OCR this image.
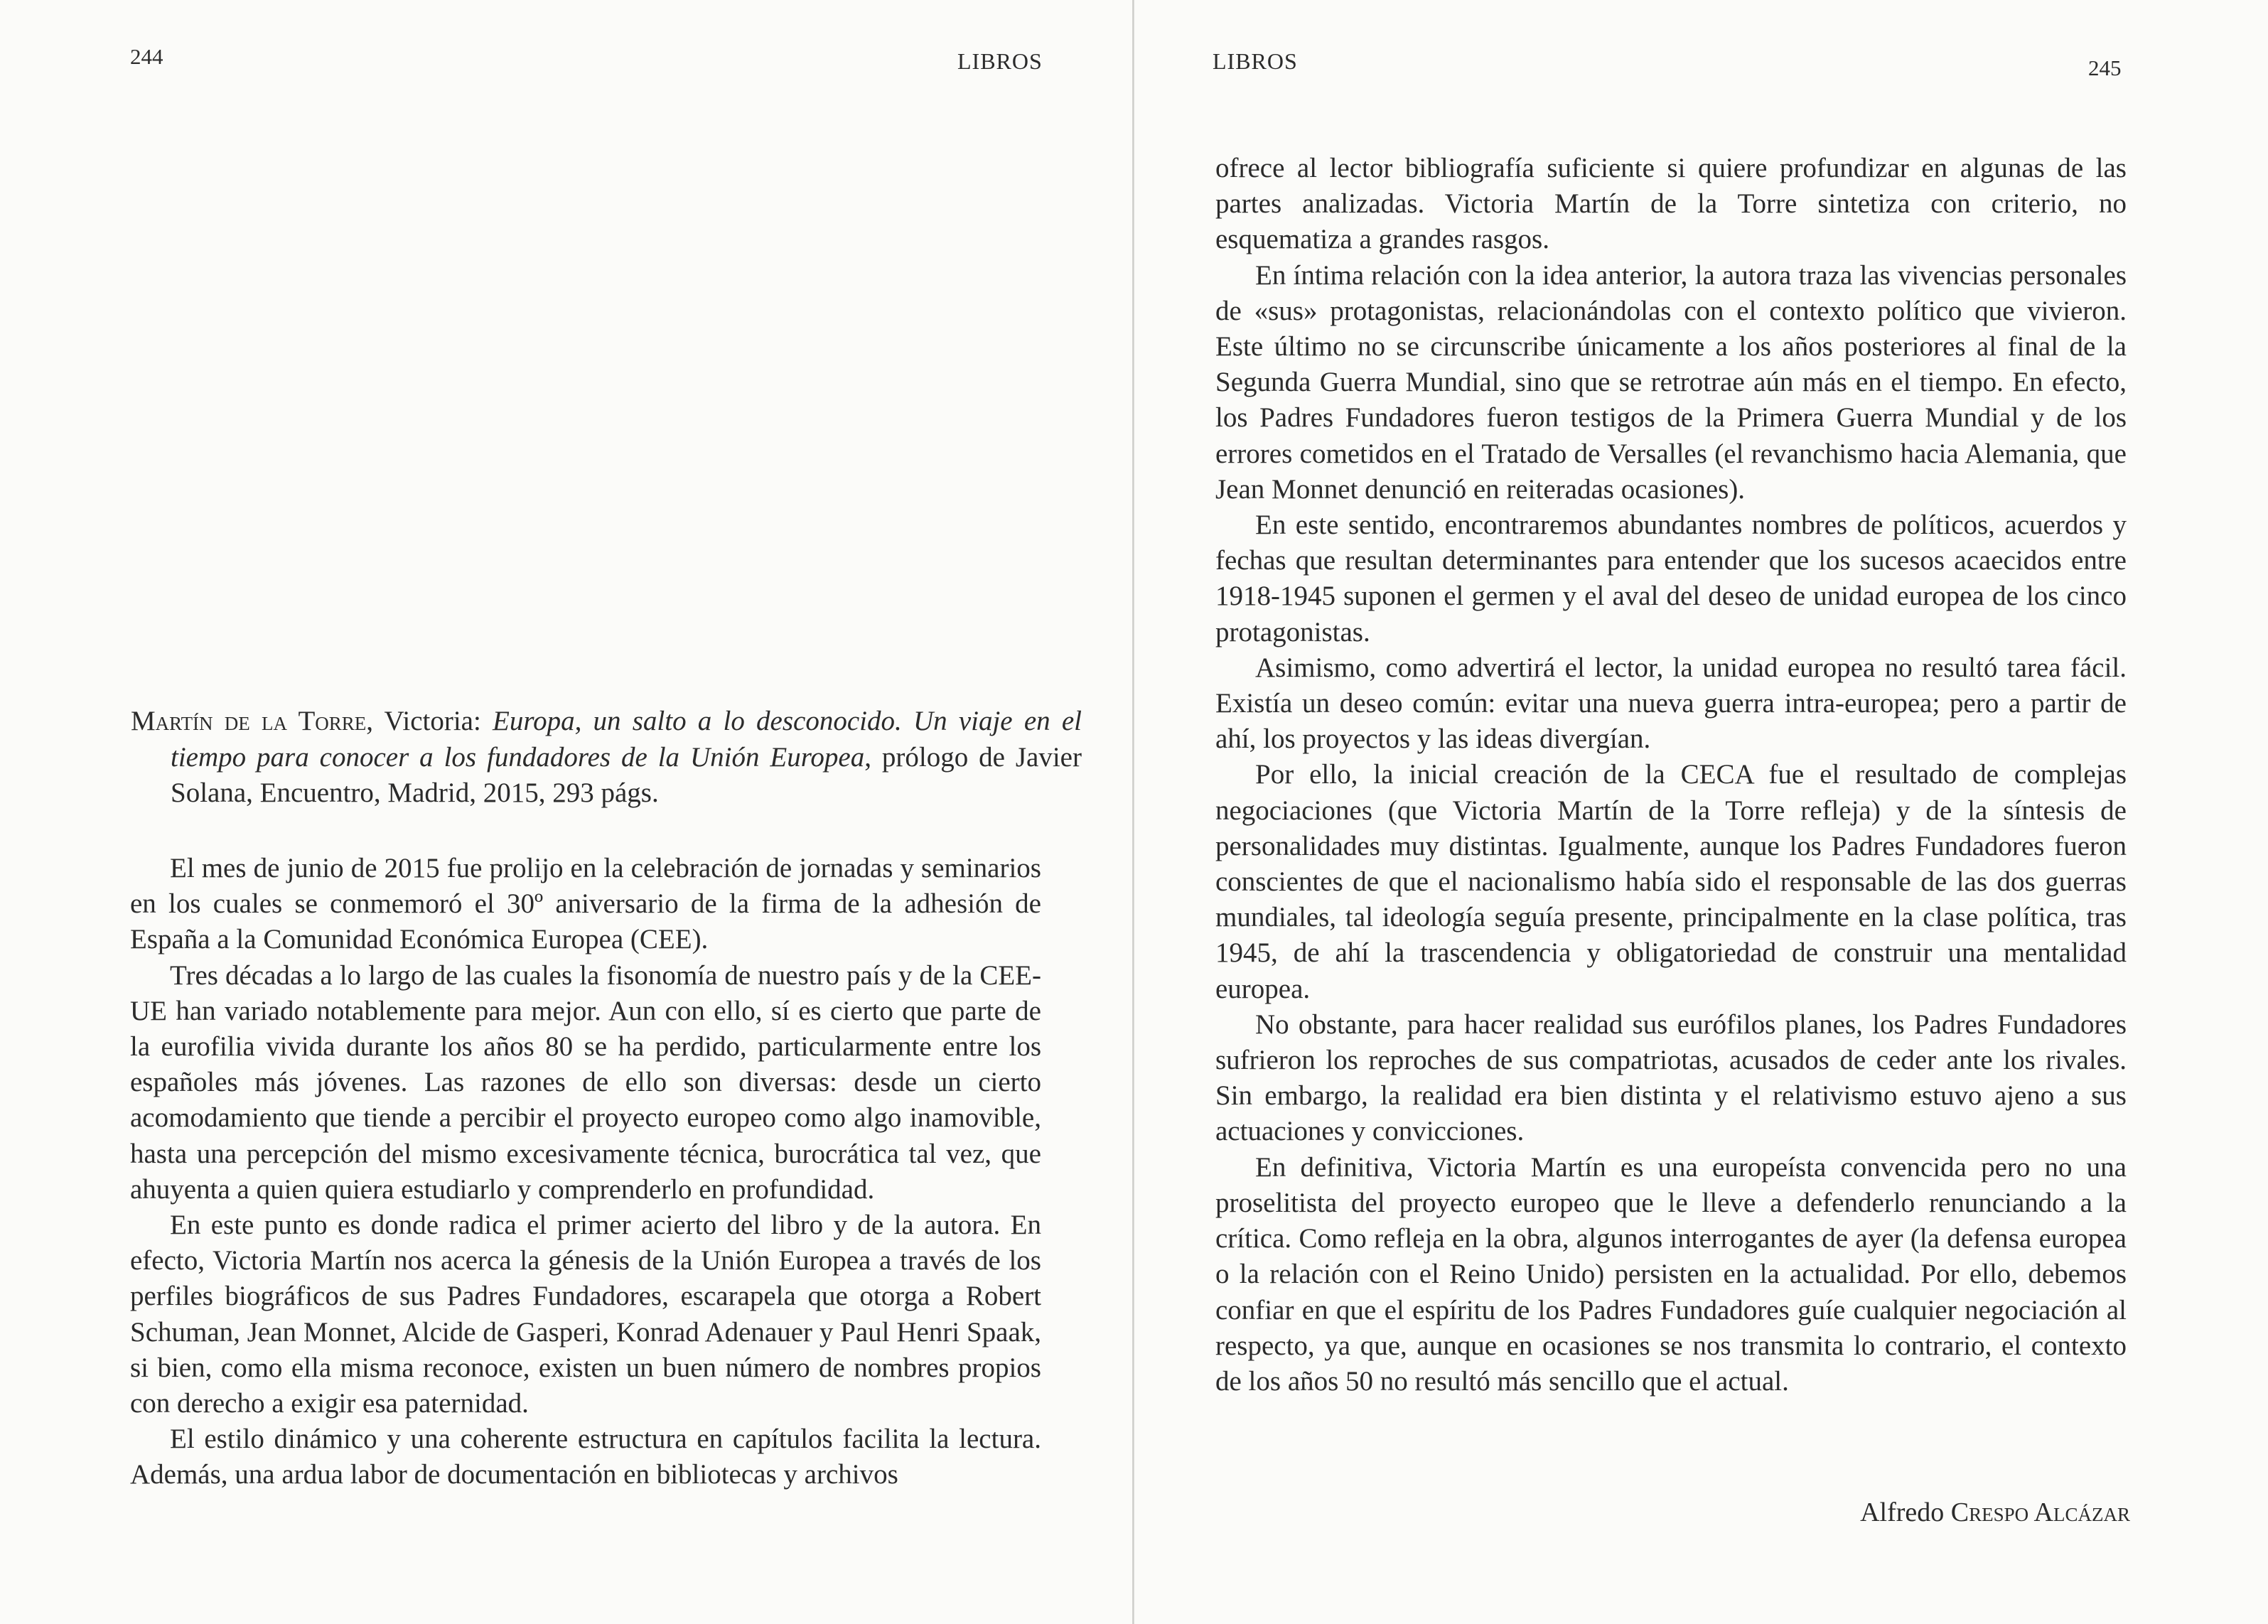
244	LIBROS
Martín de la Torre, Victoria: Europa, un salto a lo desconocido. Un viaje en el tiempo para conocer a los fundadores de la Unión Europea, prólogo de Javier Solana, Encuentro, Madrid, 2015, 293 págs.

El mes de junio de 2015 fue prolijo en la celebración de jornadas y seminarios en los cuales se conmemoró el 30º aniversario de la firma de la adhesión de España a la Comunidad Económica Europea (CEE).

Tres décadas a lo largo de las cuales la fisonomía de nuestro país y de la CEE-UE han variado notablemente para mejor. Aun con ello, sí es cierto que parte de la eurofilia vivida durante los años 80 se ha perdido, particularmente entre los españoles más jóvenes. Las razones de ello son diversas: desde un cierto acomodamiento que tiende a percibir el proyecto europeo como algo inamovible, hasta una percepción del mismo excesivamente técnica, burocrática tal vez, que ahuyenta a quien quiera estudiarlo y comprenderlo en profundidad.

En este punto es donde radica el primer acierto del libro y de la autora. En efecto, Victoria Martín nos acerca la génesis de la Unión Europea a través de los perfiles biográficos de sus Padres Fundadores, escarapela que otorga a Robert Schuman, Jean Monnet, Alcide de Gasperi, Konrad Adenauer y Paul Henri Spaak, si bien, como ella misma reconoce, existen un buen número de nombres propios con derecho a exigir esa paternidad.

El estilo dinámico y una coherente estructura en capítulos facilita la lectura. Además, una ardua labor de documentación en bibliotecas y archivos

LIBROS	245

ofrece al lector bibliografía suficiente si quiere profundizar en algunas de las partes analizadas. Victoria Martín de la Torre sintetiza con criterio, no esquematiza a grandes rasgos.

En íntima relación con la idea anterior, la autora traza las vivencias personales de «sus» protagonistas, relacionándolas con el contexto político que vivieron. Este último no se circunscribe únicamente a los años posteriores al final de la Segunda Guerra Mundial, sino que se retrotrae aún más en el tiempo. En efecto, los Padres Fundadores fueron testigos de la Primera Guerra Mundial y de los errores cometidos en el Tratado de Versalles (el revanchismo hacia Alemania, que Jean Monnet denunció en reiteradas ocasiones).

En este sentido, encontraremos abundantes nombres de políticos, acuerdos y fechas que resultan determinantes para entender que los sucesos acaecidos entre 1918-1945 suponen el germen y el aval del deseo de unidad europea de los cinco protagonistas.

Asimismo, como advertirá el lector, la unidad europea no resultó tarea fácil. Existía un deseo común: evitar una nueva guerra intra-europea; pero a partir de ahí, los proyectos y las ideas divergían.

Por ello, la inicial creación de la CECA fue el resultado de complejas negociaciones (que Victoria Martín de la Torre refleja) y de la síntesis de personalidades muy distintas. Igualmente, aunque los Padres Fundadores fueron conscientes de que el nacionalismo había sido el responsable de las dos guerras mundiales, tal ideología seguía presente, principalmente en la clase política, tras 1945, de ahí la trascendencia y obligatoriedad de construir una mentalidad europea.

No obstante, para hacer realidad sus eurófilos planes, los Padres Fundadores sufrieron los reproches de sus compatriotas, acusados de ceder ante los rivales. Sin embargo, la realidad era bien distinta y el relativismo estuvo ajeno a sus actuaciones y convicciones.

En definitiva, Victoria Martín es una europeísta convencida pero no una proselitista del proyecto europeo que le lleve a defenderlo renunciando a la crítica. Como refleja en la obra, algunos interrogantes de ayer (la defensa europea o la relación con el Reino Unido) persisten en la actualidad. Por ello, debemos confiar en que el espíritu de los Padres Fundadores guíe cualquier negociación al respecto, ya que, aunque en ocasiones se nos transmita lo contrario, el contexto de los años 50 no resultó más sencillo que el actual.

Alfredo Crespo Alcázar
